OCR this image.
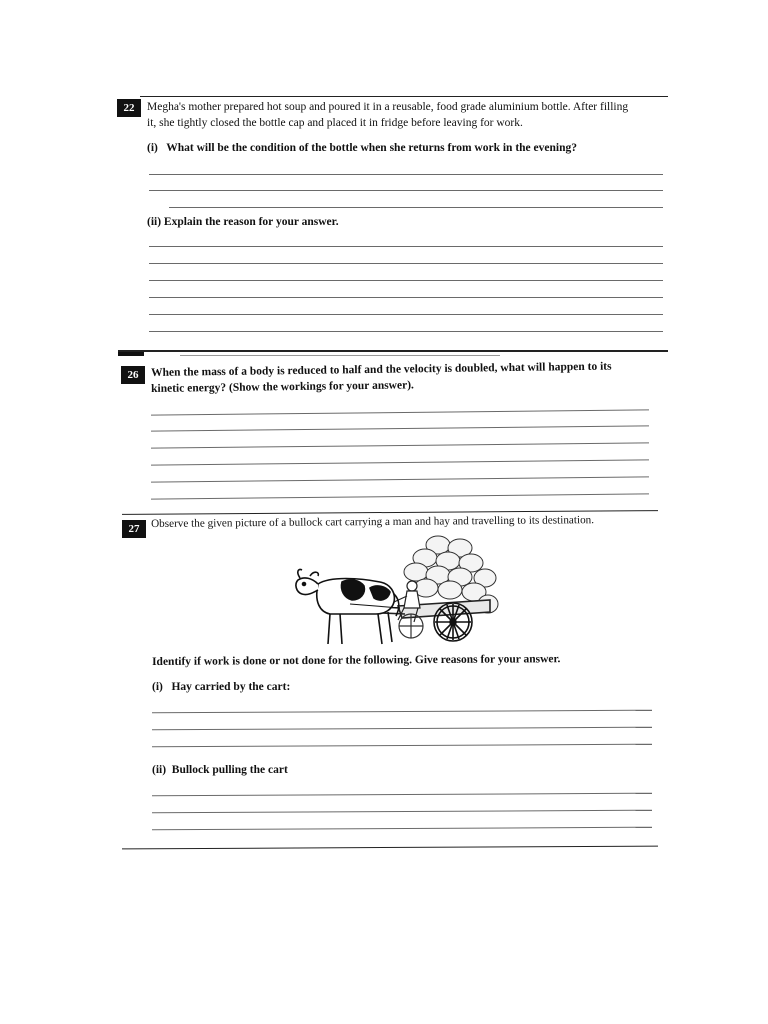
22	Megha's mother prepared hot soup and poured it in a reusable, food grade aluminium bottle. After filling
it, she tightly closed the bottle cap and placed it in fridge before leaving for work.
(i)   What will be the condition of the bottle when she returns from work in the evening?
(ii) Explain the reason for your answer.
26	When the mass of a body is reduced to half and the velocity is doubled, what will happen to its
kinetic energy? (Show the workings for your answer).
27	Observe the given picture of a bullock cart carrying a man and hay and travelling to its destination.
Identify if work is done or not done for the following. Give reasons for your answer.
(i)   Hay carried by the cart:
(ii)  Bullock pulling the cart
